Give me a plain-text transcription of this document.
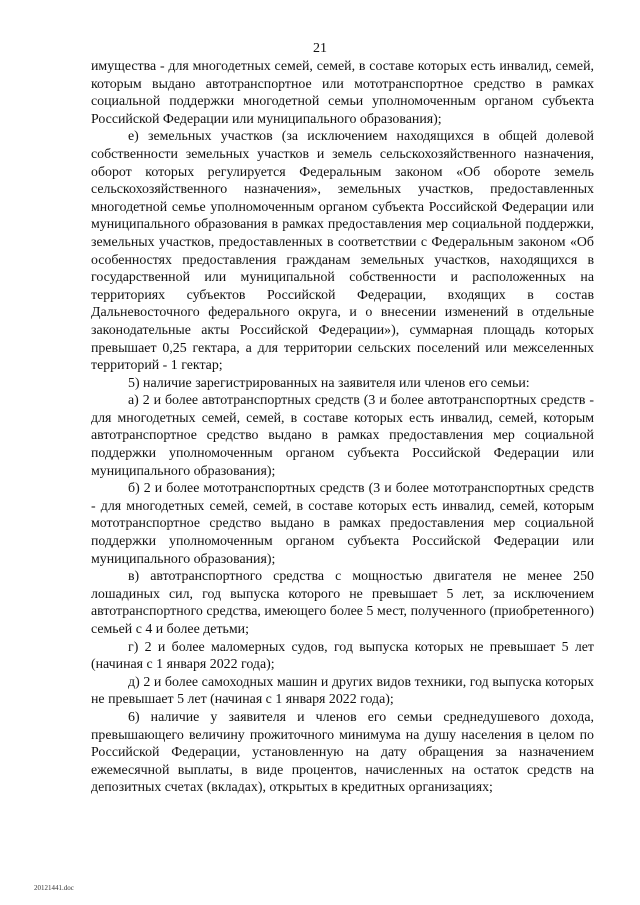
21

имущества - для многодетных семей, семей, в составе которых есть инвалид, семей, которым выдано автотранспортное или мототранспортное средство в рамках социальной поддержки многодетной семьи уполномоченным органом субъекта Российской Федерации или муниципального образования);

е) земельных участков (за исключением находящихся в общей долевой собственности земельных участков и земель сельскохозяйственного назначения, оборот которых регулируется Федеральным законом «Об обороте земель сельскохозяйственного назначения», земельных участков, предоставленных многодетной семье уполномоченным органом субъекта Российской Федерации или муниципального образования в рамках предоставления мер социальной поддержки, земельных участков, предоставленных в соответствии с Федеральным законом «Об особенностях предоставления гражданам земельных участков, находящихся в государственной или муниципальной собственности и расположенных на территориях субъектов Российской Федерации, входящих в состав Дальневосточного федерального округа, и о внесении изменений в отдельные законодательные акты Российской Федерации»), суммарная площадь которых превышает 0,25 гектара, а для территории сельских поселений или межселенных территорий - 1 гектар;

5) наличие зарегистрированных на заявителя или членов его семьи:

а) 2 и более автотранспортных средств (3 и более автотранспортных средств - для многодетных семей, семей, в составе которых есть инвалид, семей, которым автотранспортное средство выдано в рамках предоставления мер социальной поддержки уполномоченным органом субъекта Российской Федерации или муниципального образования);

б) 2 и более мототранспортных средств (3 и более мототранспортных средств - для многодетных семей, семей, в составе которых есть инвалид, семей, которым мототранспортное средство выдано в рамках предоставления мер социальной поддержки уполномоченным органом субъекта Российской Федерации или муниципального образования);

в) автотранспортного средства с мощностью двигателя не менее 250 лошадиных сил, год выпуска которого не превышает 5 лет, за исключением автотранспортного средства, имеющего более 5 мест, полученного (приобретенного) семьей с 4 и более детьми;

г) 2 и более маломерных судов, год выпуска которых не превышает 5 лет (начиная с 1 января 2022 года);

д) 2 и более самоходных машин и других видов техники, год выпуска которых не превышает 5 лет (начиная с 1 января 2022 года);

6) наличие у заявителя и членов его семьи среднедушевого дохода, превышающего величину прожиточного минимума на душу населения в целом по Российской Федерации, установленную на дату обращения за назначением ежемесячной выплаты, в виде процентов, начисленных на остаток средств на депозитных счетах (вкладах), открытых в кредитных организациях;

20121441.doc
